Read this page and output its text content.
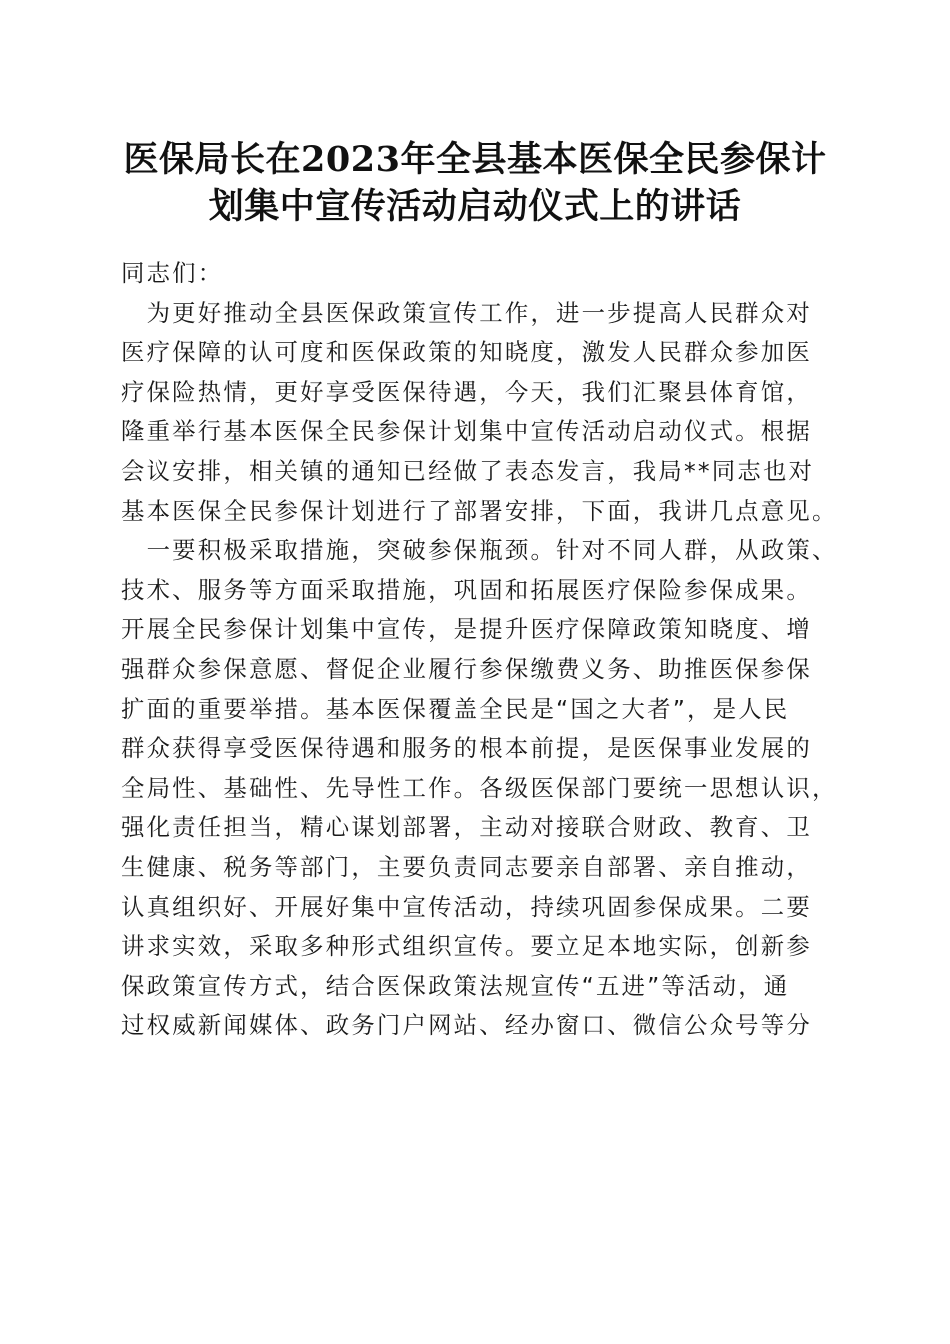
医保局长在2023年全县基本医保全民参保计
划集中宣传活动启动仪式上的讲话
同志们：
　为更好推动全县医保政策宣传工作，进一步提高人民群众对
医疗保障的认可度和医保政策的知晓度，激发人民群众参加医
疗保险热情，更好享受医保待遇，今天，我们汇聚县体育馆，
隆重举行基本医保全民参保计划集中宣传活动启动仪式。根据
会议安排，相关镇的通知已经做了表态发言，我局**同志也对
基本医保全民参保计划进行了部署安排，下面，我讲几点意见。
　一要积极采取措施，突破参保瓶颈。针对不同人群，从政策、
技术、服务等方面采取措施，巩固和拓展医疗保险参保成果。
开展全民参保计划集中宣传，是提升医疗保障政策知晓度、增
强群众参保意愿、督促企业履行参保缴费义务、助推医保参保
扩面的重要举措。基本医保覆盖全民是“国之大者”，是人民
群众获得享受医保待遇和服务的根本前提，是医保事业发展的
全局性、基础性、先导性工作。各级医保部门要统一思想认识，
强化责任担当，精心谋划部署，主动对接联合财政、教育、卫
生健康、税务等部门，主要负责同志要亲自部署、亲自推动，
认真组织好、开展好集中宣传活动，持续巩固参保成果。二要
讲求实效，采取多种形式组织宣传。要立足本地实际，创新参
保政策宣传方式，结合医保政策法规宣传“五进”等活动，通
过权威新闻媒体、政务门户网站、经办窗口、微信公众号等分
